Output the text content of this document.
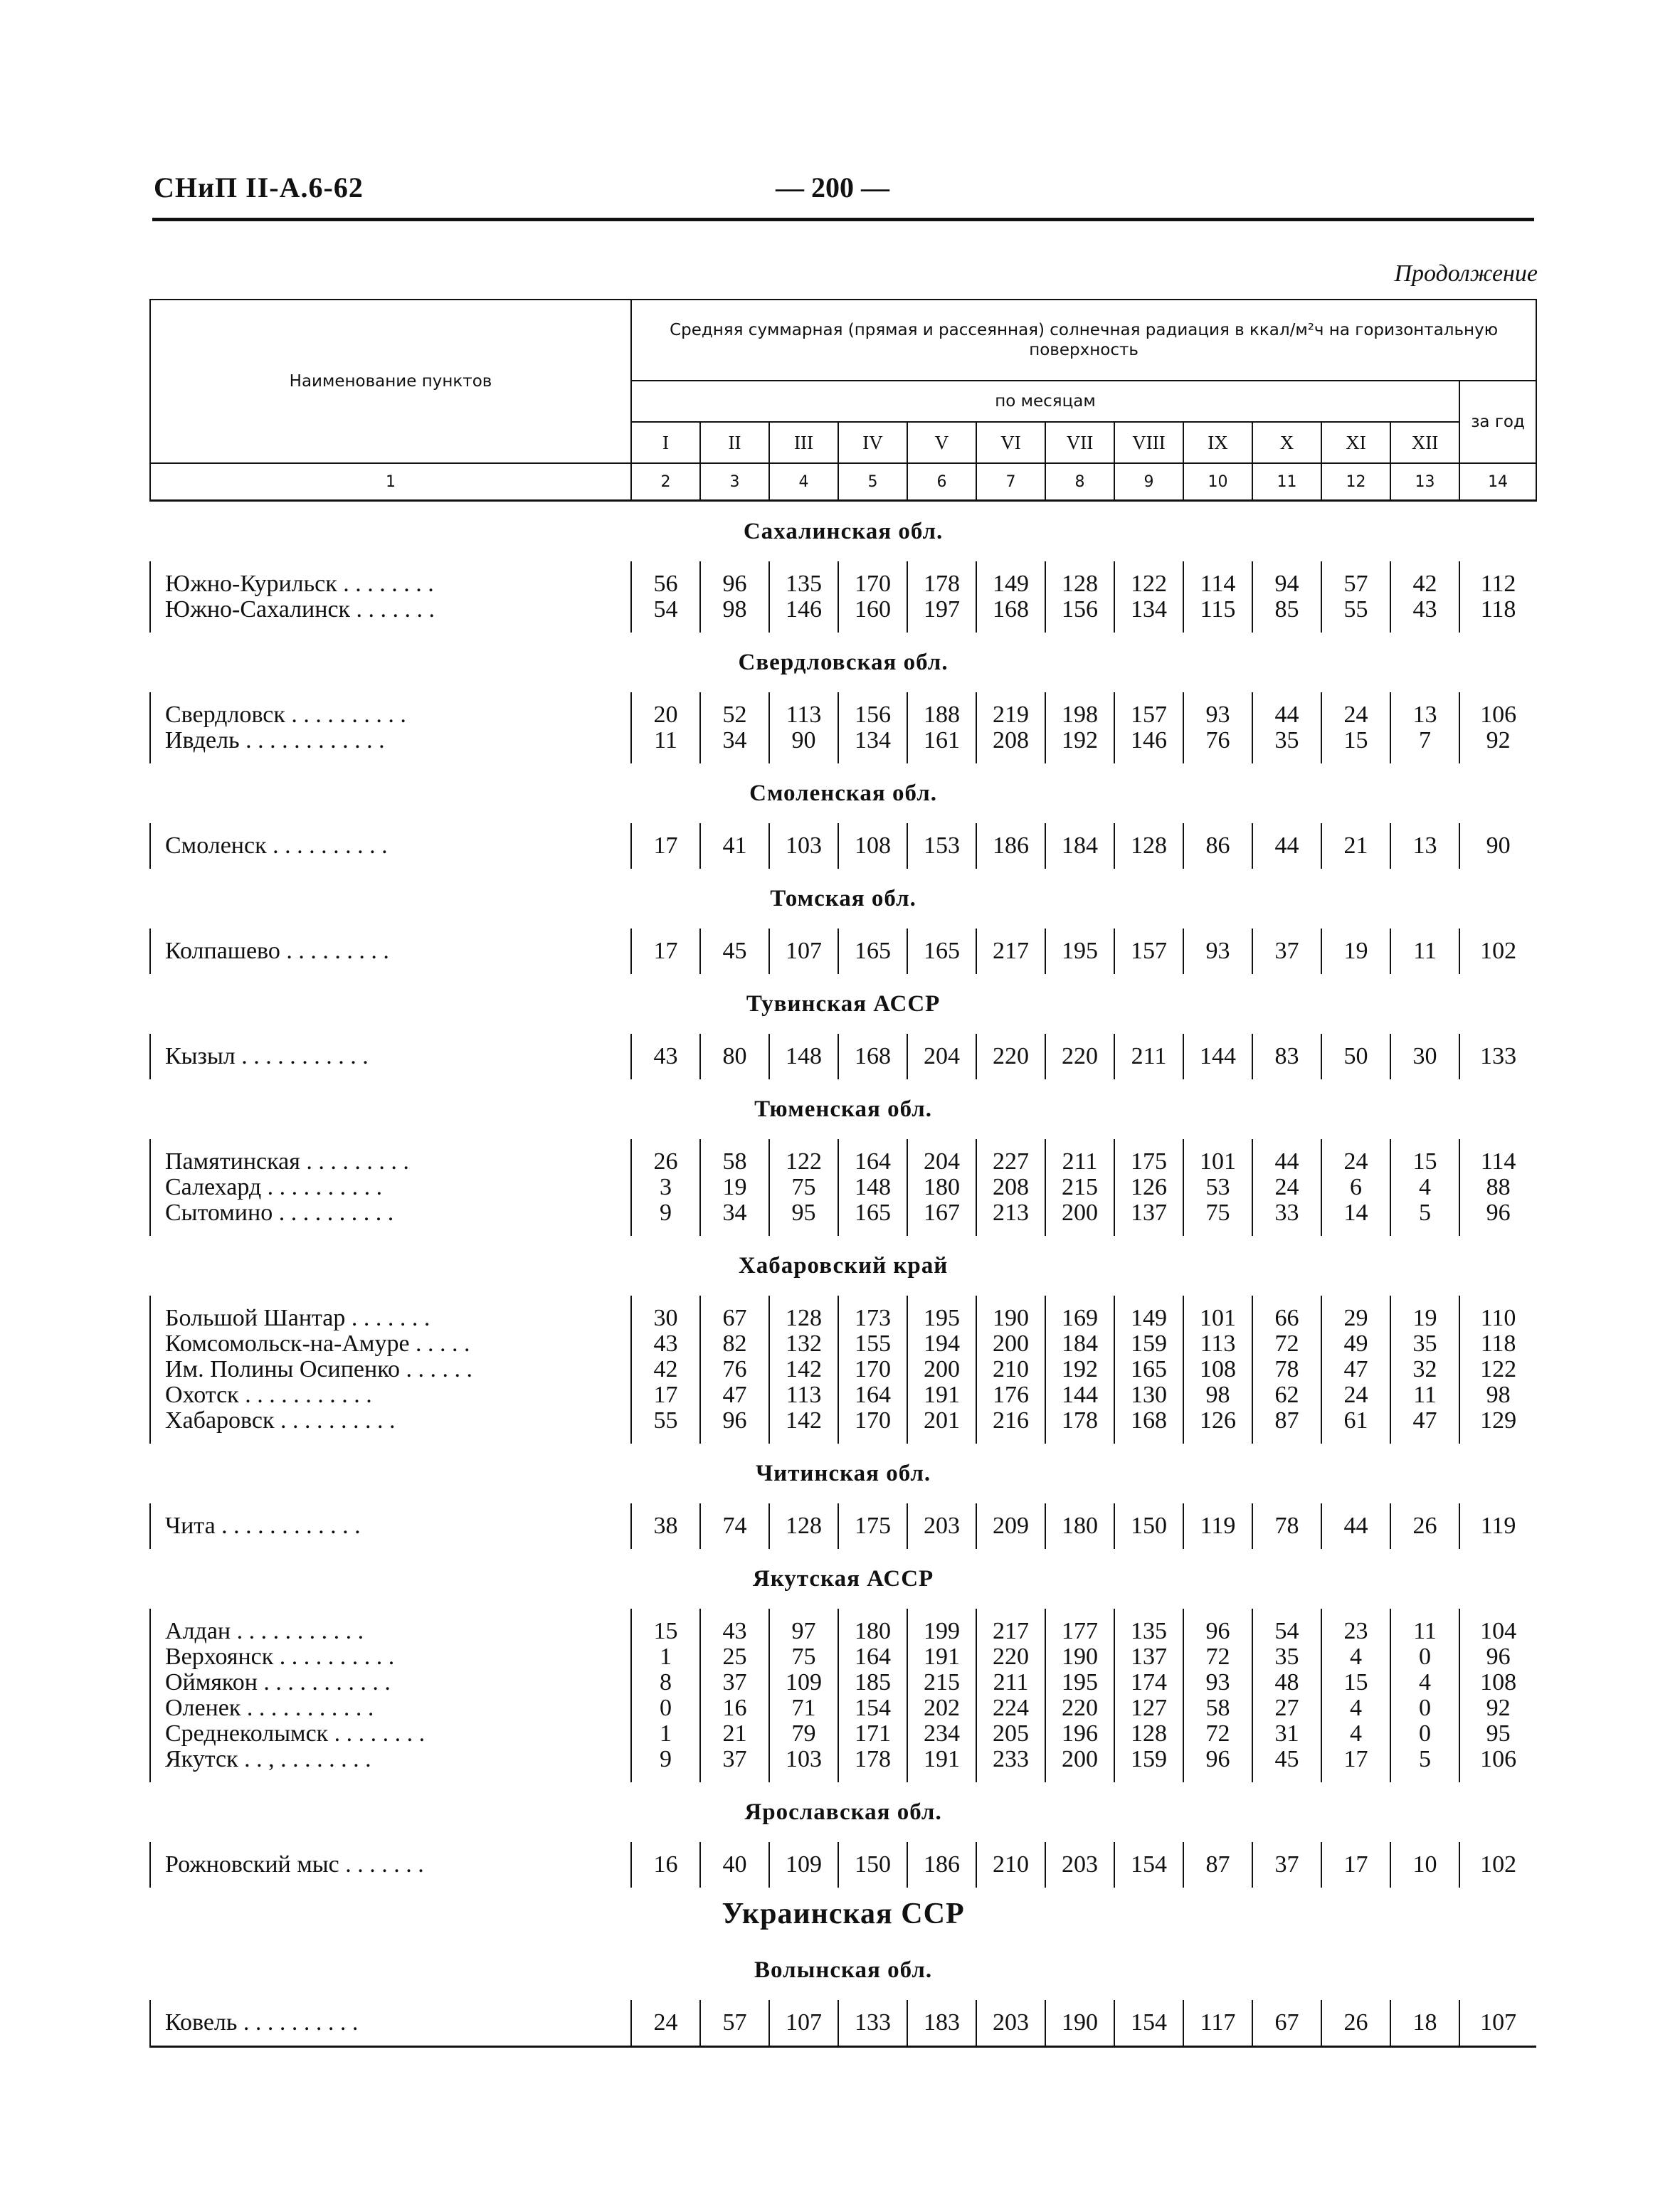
СНиП II-А.6-62	— 200 —
Продолжение
Наименование пунктов	Средняя суммарная (прямая и рассеянная) солнечная радиация в ккал/м²ч на горизонтальную поверхность												
	по месяцам												за год
	I	II	III	IV	V	VI	VII	VIII	IX	X	XI	XII	
1	2	3	4	5	6	7	8	9	10	11	12	13	14
Сахалинская обл.													

Южно-Курильск . . . . . . . .	56	96	135	170	178	149	128	122	114	94	57	42	112
Южно-Сахалинск . . . . . . .	54	98	146	160	197	168	156	134	115	85	55	43	118

Свердловская обл.													

Свердловск . . . . . . . . . .	20	52	113	156	188	219	198	157	93	44	24	13	106
Ивдель . . . . . . . . . . . .	11	34	90	134	161	208	192	146	76	35	15	7	92

Смоленская обл.													

Смоленск . . . . . . . . . .	17	41	103	108	153	186	184	128	86	44	21	13	90

Томская обл.													

Колпашево . . . . . . . . .	17	45	107	165	165	217	195	157	93	37	19	11	102

Тувинская АССР													

Кызыл . . . . . . . . . . .	43	80	148	168	204	220	220	211	144	83	50	30	133

Тюменская обл.													

Памятинская . . . . . . . . .	26	58	122	164	204	227	211	175	101	44	24	15	114
Салехард . . . . . . . . . .	3	19	75	148	180	208	215	126	53	24	6	4	88
Сытомино . . . . . . . . . .	9	34	95	165	167	213	200	137	75	33	14	5	96

Хабаровский край													

Большой Шантар . . . . . . .	30	67	128	173	195	190	169	149	101	66	29	19	110
Комсомольск-на-Амуре . . . . .	43	82	132	155	194	200	184	159	113	72	49	35	118
Им. Полины Осипенко . . . . . .	42	76	142	170	200	210	192	165	108	78	47	32	122
Охотск . . . . . . . . . . .	17	47	113	164	191	176	144	130	98	62	24	11	98
Хабаровск . . . . . . . . . .	55	96	142	170	201	216	178	168	126	87	61	47	129

Читинская обл.													

Чита . . . . . . . . . . . .	38	74	128	175	203	209	180	150	119	78	44	26	119

Якутская АССР													

Алдан . . . . . . . . . . .	15	43	97	180	199	217	177	135	96	54	23	11	104
Верхоянск . . . . . . . . . .	1	25	75	164	191	220	190	137	72	35	4	0	96
Оймякон . . . . . . . . . . .	8	37	109	185	215	211	195	174	93	48	15	4	108
Оленек . . . . . . . . . . .	0	16	71	154	202	224	220	127	58	27	4	0	92
Среднеколымск . . . . . . . .	1	21	79	171	234	205	196	128	72	31	4	0	95
Якутск . . , . . . . . . . .	9	37	103	178	191	233	200	159	96	45	17	5	106

Ярославская обл.													

Рожновский мыс . . . . . . .	16	40	109	150	186	210	203	154	87	37	17	10	102

Украинская ССР													
Волынская обл.													

Ковель . . . . . . . . . .	24	57	107	133	183	203	190	154	117	67	26	18	107
